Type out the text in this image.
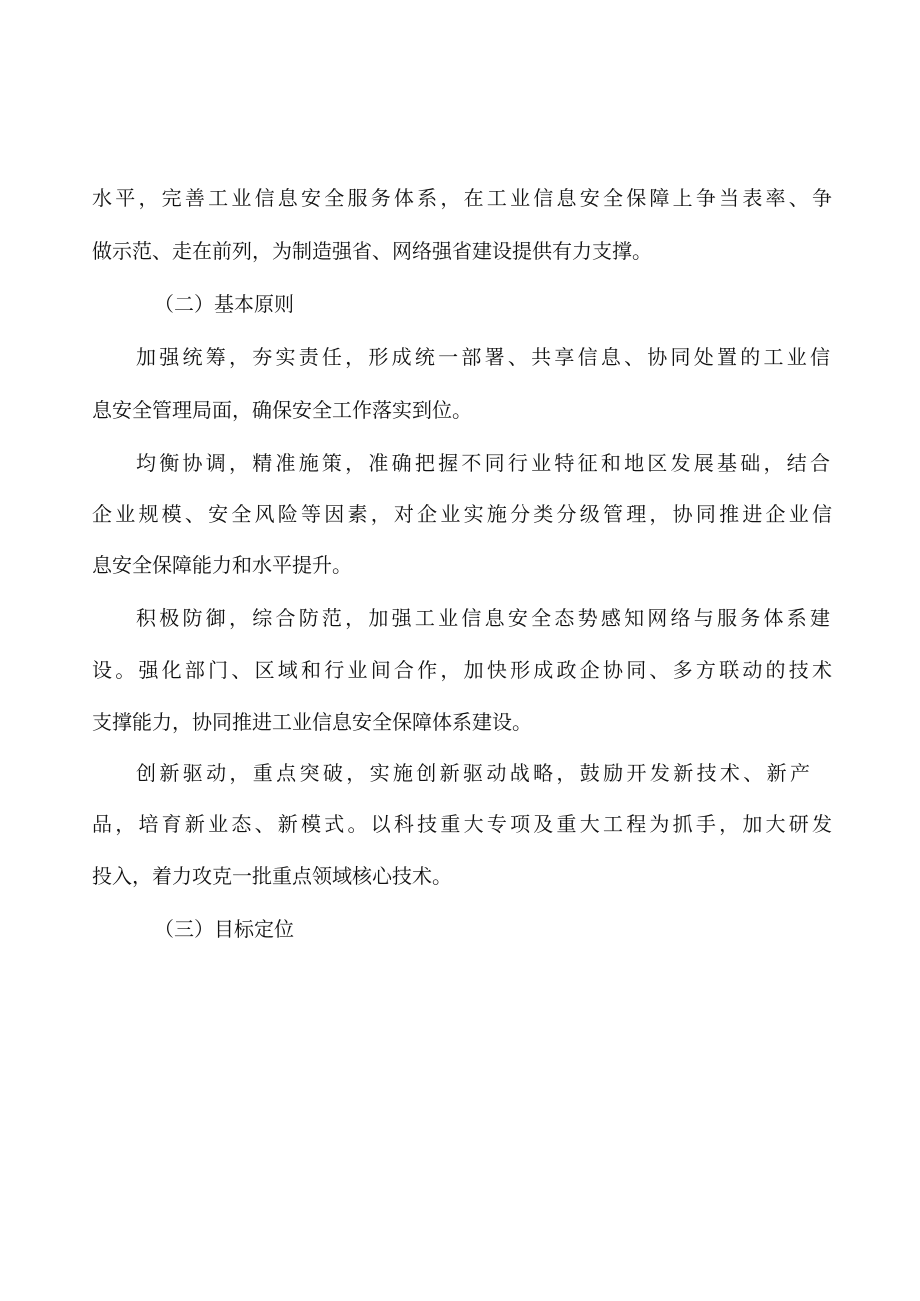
水平，完善工业信息安全服务体系，在工业信息安全保障上争当表率、争
做示范、走在前列，为制造强省、网络强省建设提供有力支撑。
（二）基本原则
加强统筹，夯实责任，形成统一部署、共享信息、协同处置的工业信
息安全管理局面，确保安全工作落实到位。
均衡协调，精准施策，准确把握不同行业特征和地区发展基础，结合
企业规模、安全风险等因素，对企业实施分类分级管理，协同推进企业信
息安全保障能力和水平提升。
积极防御，综合防范，加强工业信息安全态势感知网络与服务体系建
设。强化部门、区域和行业间合作，加快形成政企协同、多方联动的技术
支撑能力，协同推进工业信息安全保障体系建设。
创新驱动，重点突破，实施创新驱动战略，鼓励开发新技术、新产
品，培育新业态、新模式。以科技重大专项及重大工程为抓手，加大研发
投入，着力攻克一批重点领域核心技术。
（三）目标定位
